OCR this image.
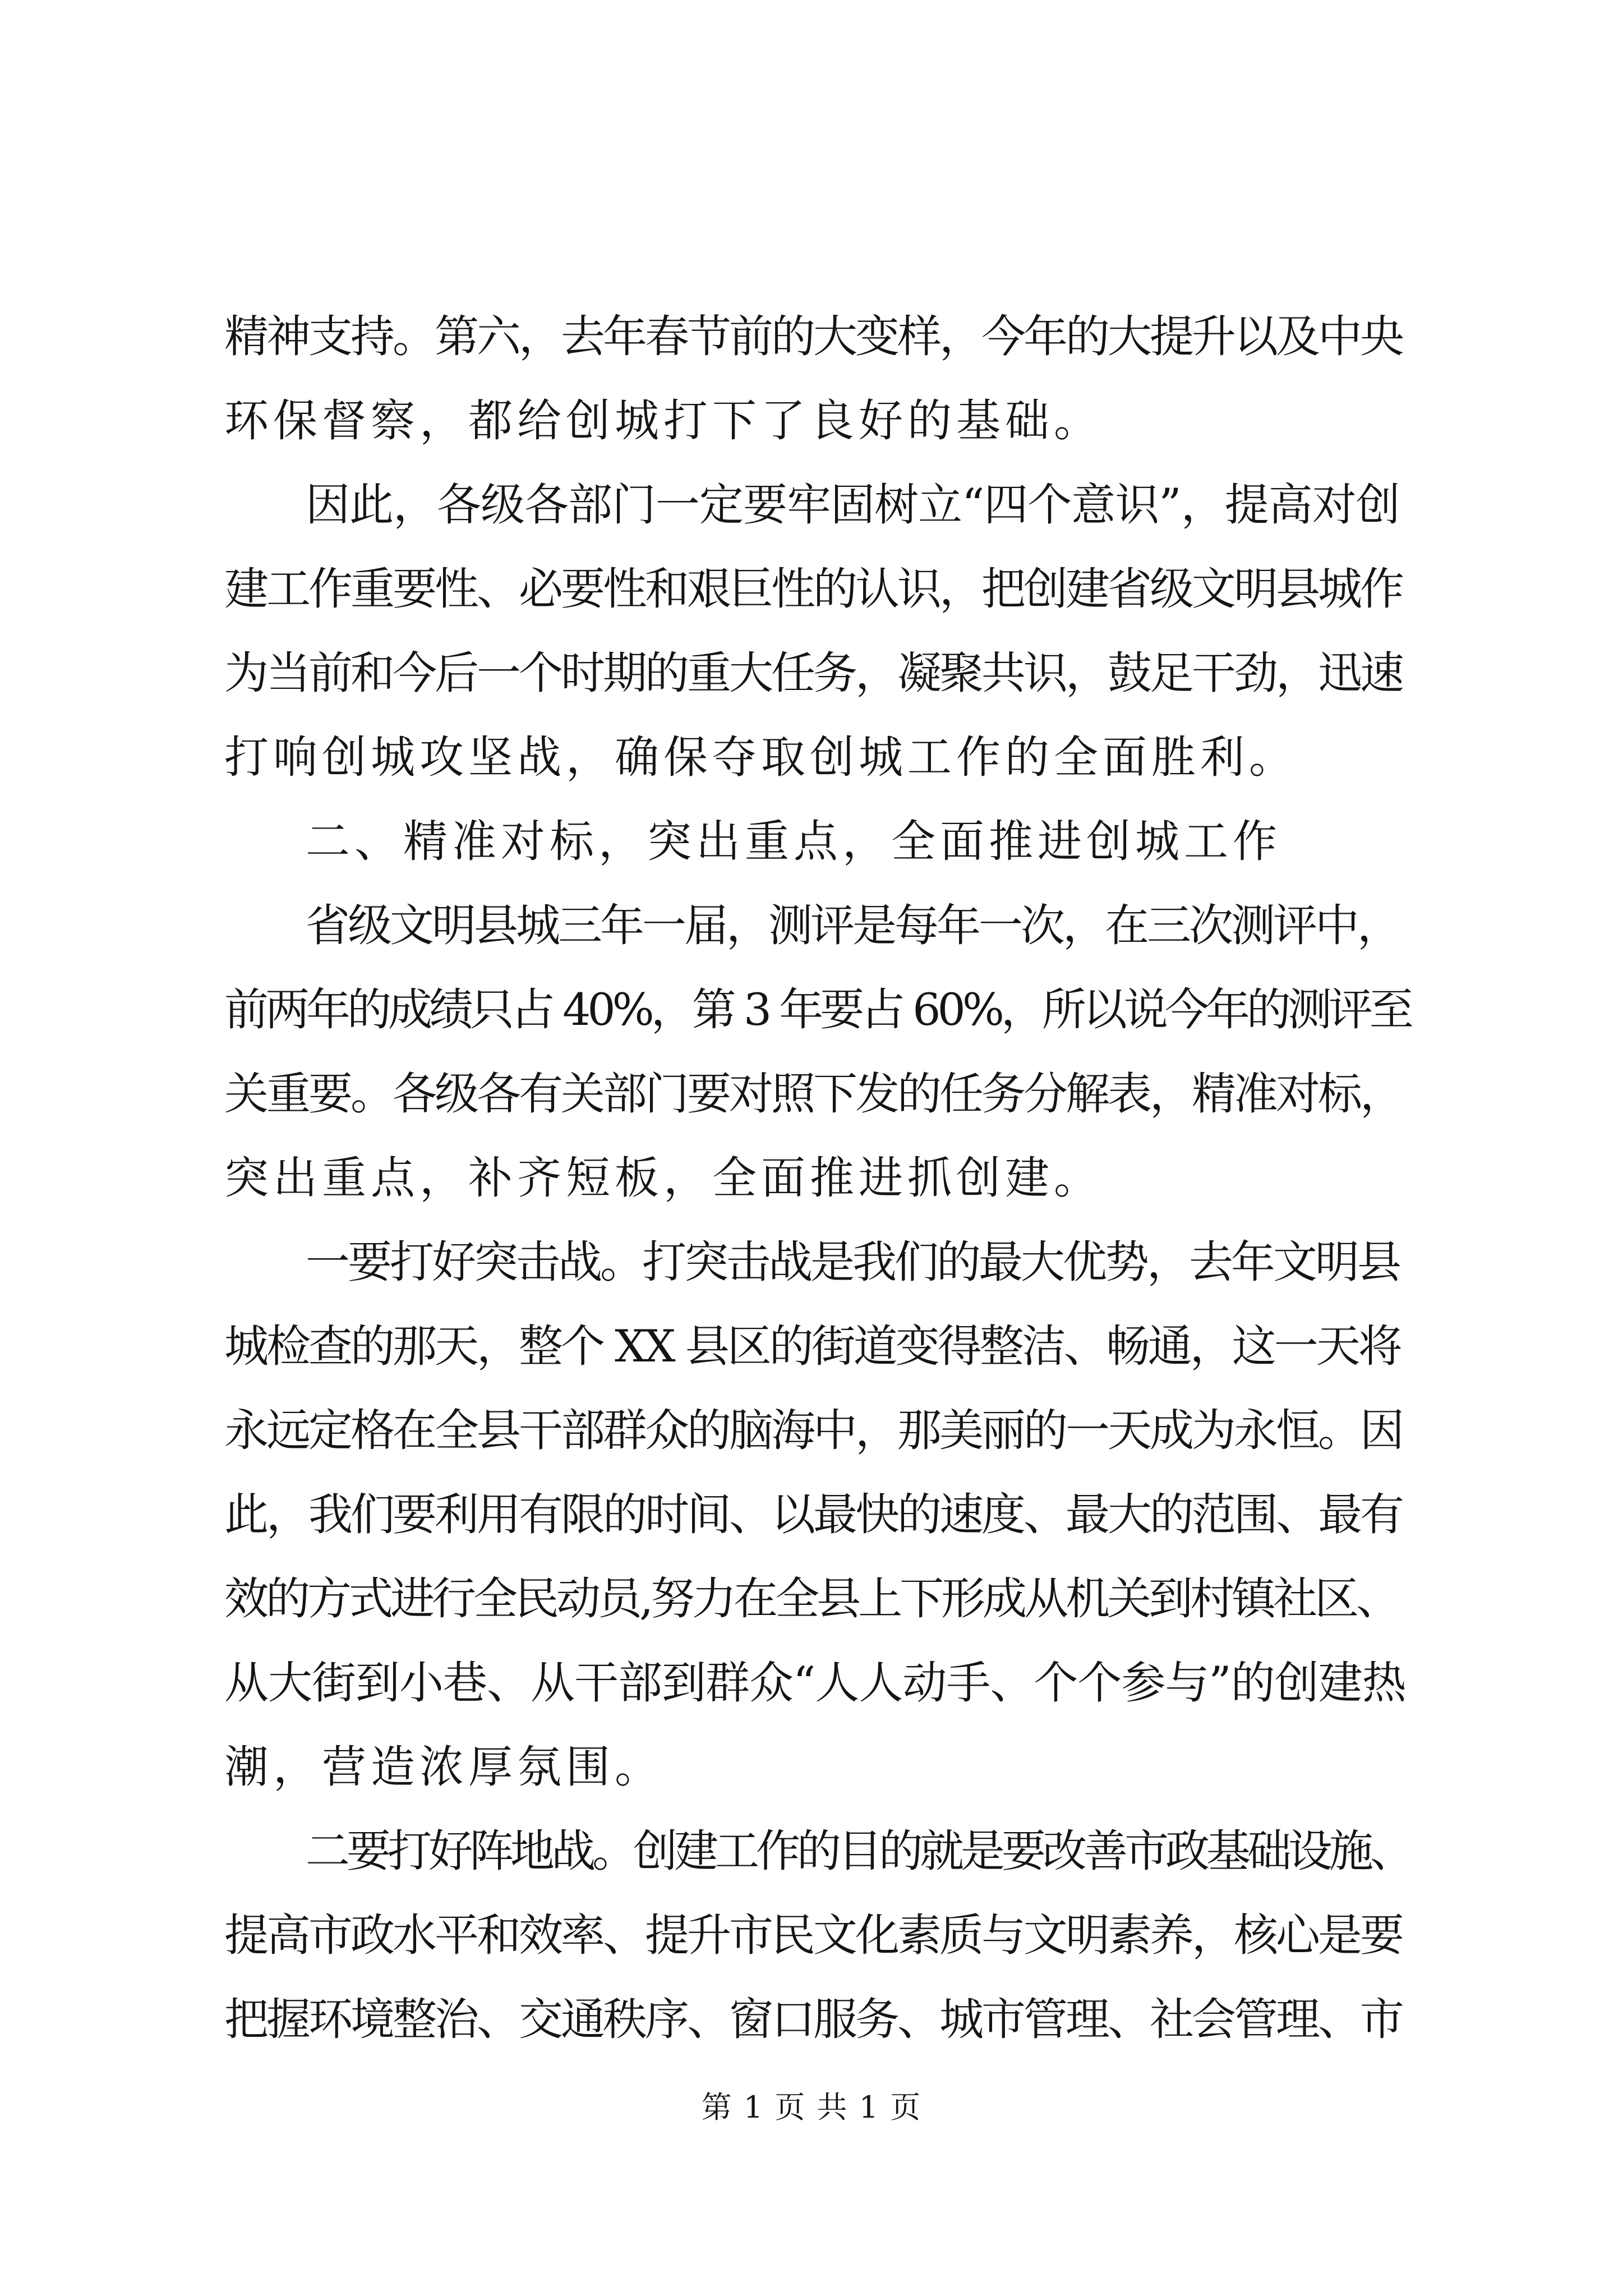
精神支持。第六，去年春节前的大变样，今年的大提升以及中央
环保督察，都给创城打下了良好的基础。
因此，各级各部门一定要牢固树立“四个意识”，提高对创
建工作重要性、必要性和艰巨性的认识，把创建省级文明县城作
为当前和今后一个时期的重大任务，凝聚共识，鼓足干劲，迅速
打响创城攻坚战，确保夺取创城工作的全面胜利。
二、精准对标，突出重点，全面推进创城工作
省级文明县城三年一届，测评是每年一次，在三次测评中，
前两年的成绩只占 40%，第 3 年要占 60%，所以说今年的测评至
关重要。各级各有关部门要对照下发的任务分解表，精准对标，
突出重点，补齐短板，全面推进抓创建。
一要打好突击战。打突击战是我们的最大优势，去年文明县
城检查的那天，整个 XX 县区的街道变得整洁、畅通，这一天将
永远定格在全县干部群众的脑海中，那美丽的一天成为永恒。因
此，我们要利用有限的时间、以最快的速度、最大的范围、最有
效的方式进行全民动员,努力在全县上下形成从机关到村镇社区、
从大街到小巷、从干部到群众“人人动手、个个参与”的创建热
潮，营造浓厚氛围。
二要打好阵地战。创建工作的目的就是要改善市政基础设施、
提高市政水平和效率、提升市民文化素质与文明素养，核心是要
把握环境整治、交通秩序、窗口服务、城市管理、社会管理、市
第 1 页 共 1 页
